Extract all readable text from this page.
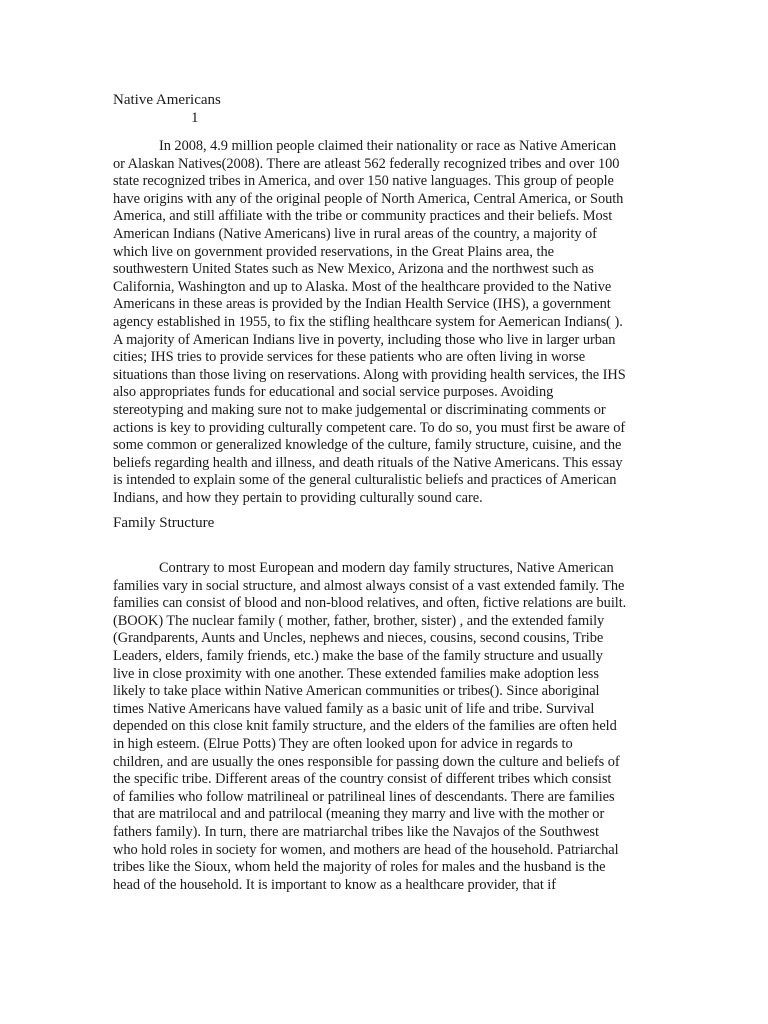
Native Americans
1

In 2008, 4.9 million people claimed their nationality or race as Native American
or Alaskan Natives(2008). There are atleast 562 federally recognized tribes and over 100
state recognized tribes in America, and over 150 native languages. This group of people
have origins with any of the original people of North America, Central America, or South
America, and still affiliate with the tribe or community practices and their beliefs. Most
American Indians (Native Americans) live in rural areas of the country, a majority of
which live on government provided reservations, in the Great Plains area, the
southwestern United States such as New Mexico, Arizona and the northwest such as
California, Washington and up to Alaska. Most of the healthcare provided to the Native
Americans in these areas is provided by the Indian Health Service (IHS), a government
agency established in 1955, to fix the stifling healthcare system for Aemerican Indians( ).
A majority of American Indians live in poverty, including those who live in larger urban
cities; IHS tries to provide services for these patients who are often living in worse
situations than those living on reservations. Along with providing health services, the IHS
also appropriates funds for educational and social service purposes. Avoiding
stereotyping and making sure not to make judgemental or discriminating comments or
actions is key to providing culturally competent care. To do so, you must first be aware of
some common or generalized knowledge of the culture, family structure, cuisine, and the
beliefs regarding health and illness, and death rituals of the Native Americans. This essay
is intended to explain some of the general culturalistic beliefs and practices of American
Indians, and how they pertain to providing culturally sound care.

Family Structure

Contrary to most European and modern day family structures, Native American
families vary in social structure, and almost always consist of a vast extended family. The
families can consist of blood and non-blood relatives, and often, fictive relations are built.
(BOOK) The nuclear family ( mother, father, brother, sister) , and the extended family
(Grandparents, Aunts and Uncles, nephews and nieces, cousins, second cousins, Tribe
Leaders, elders, family friends, etc.) make the base of the family structure and usually
live in close proximity with one another. These extended families make adoption less
likely to take place within Native American communities or tribes(). Since aboriginal
times Native Americans have valued family as a basic unit of life and tribe. Survival
depended on this close knit family structure, and the elders of the families are often held
in high esteem. (Elrue Potts) They are often looked upon for advice in regards to
children, and are usually the ones responsible for passing down the culture and beliefs of
the specific tribe. Different areas of the country consist of different tribes which consist
of families who follow matrilineal or patrilineal lines of descendants. There are families
that are matrilocal and and patrilocal (meaning they marry and live with the mother or
fathers family). In turn, there are matriarchal tribes like the Navajos of the Southwest
who hold roles in society for women, and mothers are head of the household. Patriarchal
tribes like the Sioux, whom held the majority of roles for males and the husband is the
head of the household. It is important to know as a healthcare provider, that if
